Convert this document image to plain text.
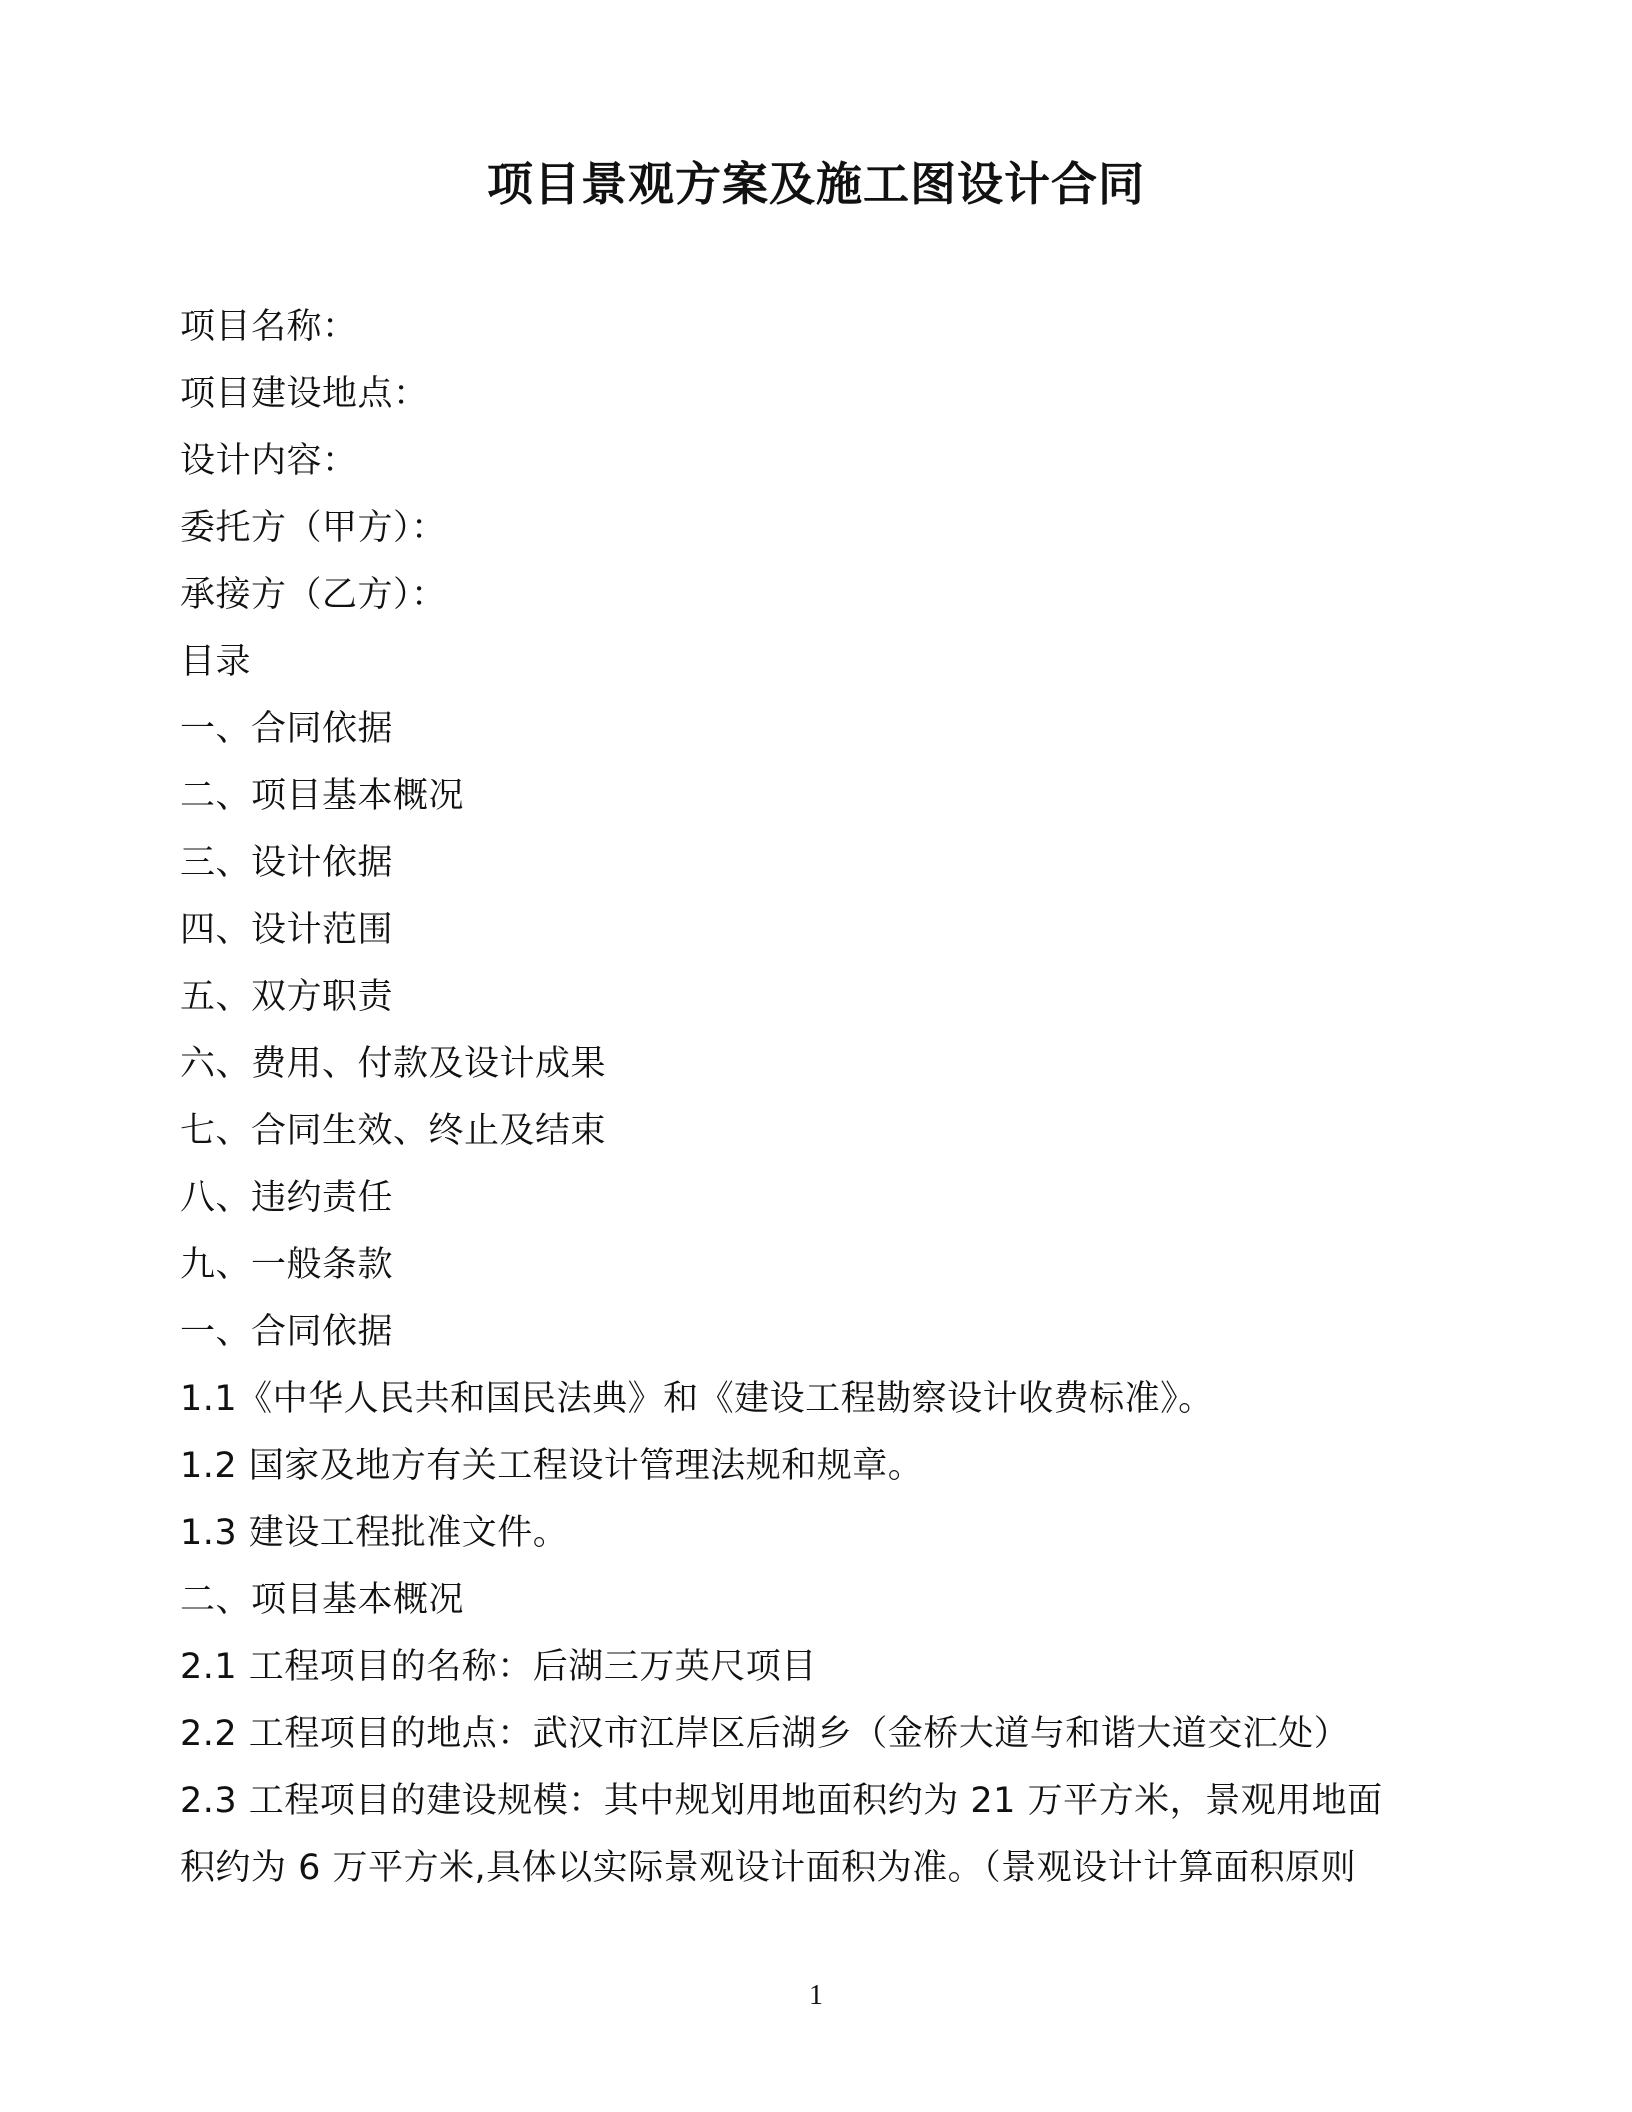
项目景观方案及施工图设计合同
项目名称：
项目建设地点：
设计内容：
委托方（甲方）：
承接方（乙方）：
目录
一、合同依据
二、项目基本概况
三、设计依据
四、设计范围
五、双方职责
六、费用、付款及设计成果
七、合同生效、终止及结束
八、违约责任
九、一般条款
一、合同依据
1.1《中华人民共和国民法典》和《建设工程勘察设计收费标准》。
1.2 国家及地方有关工程设计管理法规和规章。
1.3 建设工程批准文件。
二、项目基本概况
2.1 工程项目的名称：后湖三万英尺项目
2.2 工程项目的地点：武汉市江岸区后湖乡（金桥大道与和谐大道交汇处）
2.3 工程项目的建设规模：其中规划用地面积约为 21 万平方米，景观用地面
积约为 6 万平方米,具体以实际景观设计面积为准。（景观设计计算面积原则
1
